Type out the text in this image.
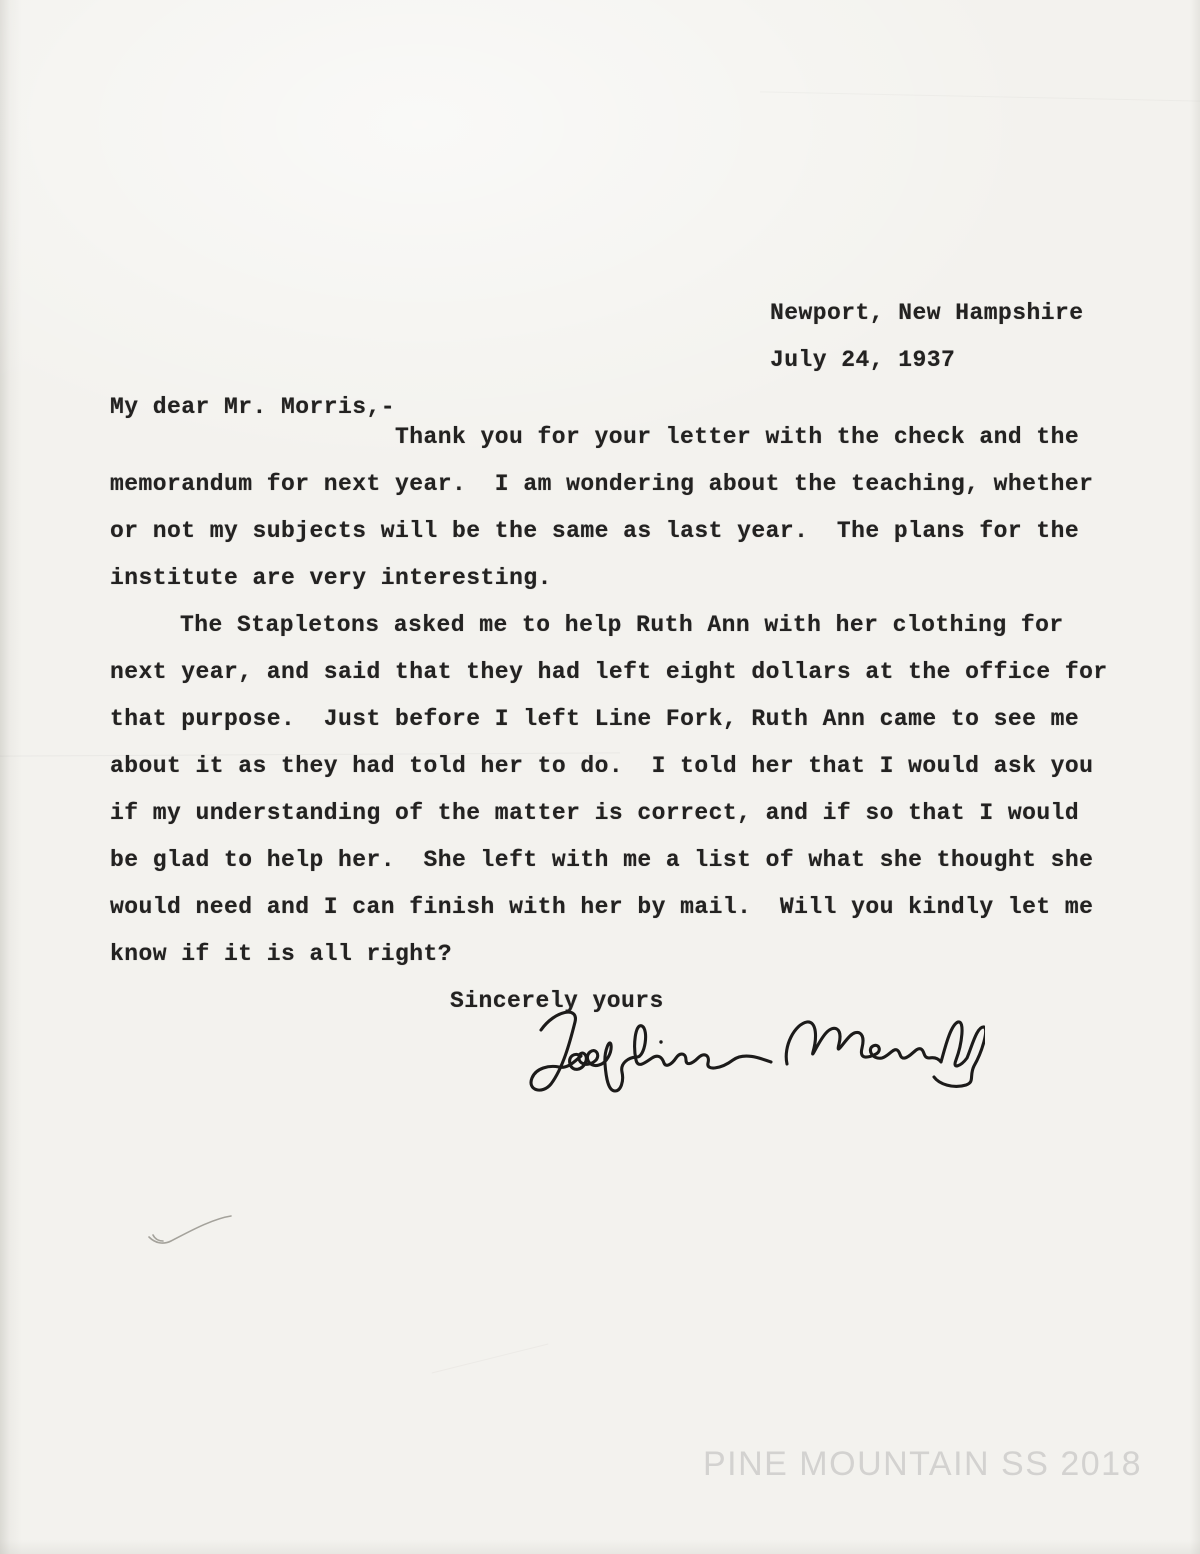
Newport, New Hampshire
July 24, 1937
My dear Mr. Morris,-
Thank you for your letter with the check and the
memorandum for next year.  I am wondering about the teaching, whether
or not my subjects will be the same as last year.  The plans for the
institute are very interesting.
The Stapletons asked me to help Ruth Ann with her clothing for
next year, and said that they had left eight dollars at the office for
that purpose.  Just before I left Line Fork, Ruth Ann came to see me
about it as they had told her to do.  I told her that I would ask you
if my understanding of the matter is correct, and if so that I would
be glad to help her.  She left with me a list of what she thought she
would need and I can finish with her by mail.  Will you kindly let me
know if it is all right?
Sincerely yours
PINE MOUNTAIN SS 2018
